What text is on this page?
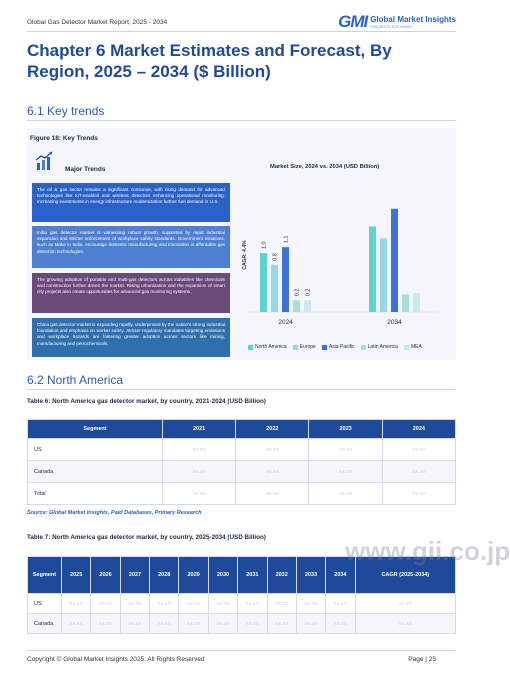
Global Gas Detector Market Report, 2025 - 2034	GMI Global Market Insights
Insights to Innovation
Chapter 6 Market Estimates and Forecast, By Region, 2025 – 2034 ($ Billion)
6.1 Key trends
Figure 18: Key Trends
Major Trends
The oil & gas sector remains a significant consumer, with rising demand for advanced technologies like IoT-enabled and wireless detectors enhancing operational monitoring. Increasing investments in energy infrastructure modernization further fuel demand in U.S.
India gas detector market is witnessing robust growth, supported by rapid industrial expansion and stricter enforcement of workplace safety standards. Government initiatives, such as Make in India, encourage domestic manufacturing and innovation in affordable gas detection technologies.
The growing adoption of portable and multi-gas detectors across industries like chemicals and construction further drives the market. Rising urbanization and the expansion of smart city projects also create opportunities for advanced gas monitoring systems.
China gas detector market is expanding rapidly, underpinned by the nation's strong industrial foundation and emphasis on worker safety. Stricter regulatory mandates targeting emissions and workplace hazards are fostering greater adoption across sectors like mining, manufacturing and petrochemicals.
Market Size, 2024 vs. 2034 (USD Billion)
1.0
0.8
1.1
0.2 0.2
2024	2034
CAGR: 4.4%
North America	Europe	Asia Pacific	Latin America	MEA
6.2 North America
Table 6: North America gas detector market, by country, 2021-2024 (USD Billion)
Segment	2021	2022	2023	2024
US	XX.XX	XX.XX	XX.XX	XX.XX
Canada	XX.XX	XX.XX	XX.XX	XX.XX
Total	XX.XX	XX.XX	XX.XX	XX.XX
Source: Global Market Insights, Paid Databases, Primary Research
Table 7: North America gas detector market, by country, 2025-2034 (USD Billion)
Segment	2025	2026	2027	2028	2029	2030	2031	2032	2033	2034	CAGR (2025-2034)
US	XX.XX	XX.XX	XX.XX	XX.XX	XX.XX	XX.XX	XX.XX	XX.XX	XX.XX	XX.XX	XX.XX
Canada	XX.XX	XX.XX	XX.XX	XX.XX	XX.XX	XX.XX	XX.XX	XX.XX	XX.XX	XX.XX	XX.XX
www.gii.co.jp
Copyright © Global Market Insights 2025. All Rights Reserved	Page | 25
